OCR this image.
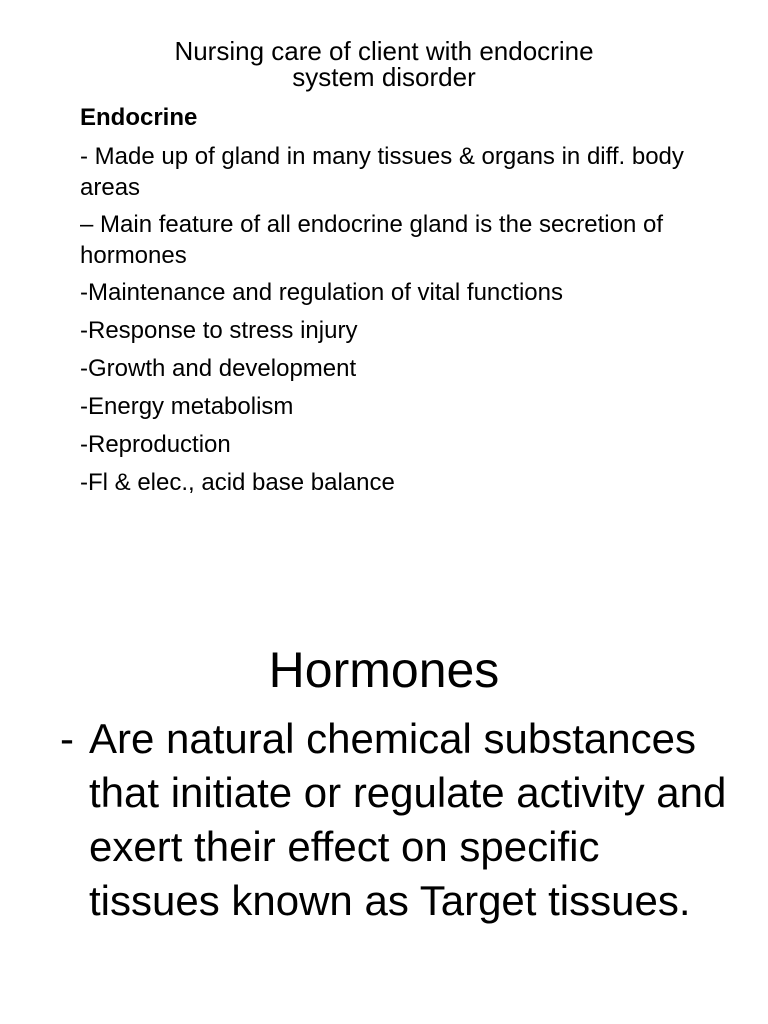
Nursing care of client with endocrine
system disorder
Endocrine
- Made up of gland in many tissues & organs in diff. body areas
– Main feature of all endocrine gland is the secretion of hormones
-Maintenance and regulation of vital functions
-Response to stress injury
-Growth and development
-Energy metabolism
-Reproduction
-Fl & elec., acid base balance
Hormones
- Are natural chemical substances that initiate or regulate activity and exert their effect on specific tissues known as Target tissues.
